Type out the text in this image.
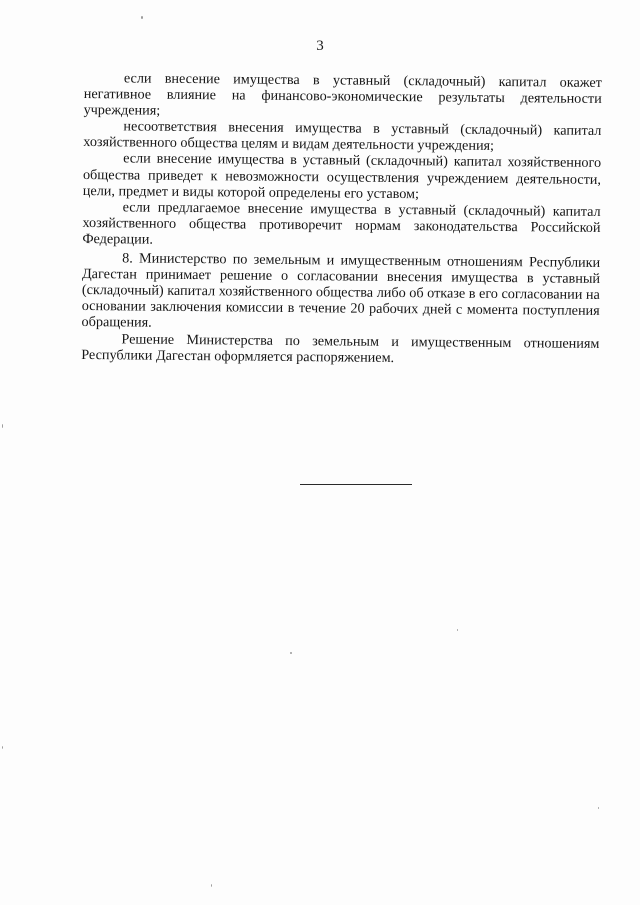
3

если внесение имущества в уставный (складочный) капитал окажет негативное влияние на финансово-экономические результаты деятельности учреждения;

несоответствия внесения имущества в уставный (складочный) капитал хозяйственного общества целям и видам деятельности учреждения;

если внесение имущества в уставный (складочный) капитал хозяйственного общества приведет к невозможности осуществления учреждением деятельности, цели, предмет и виды которой определены его уставом;

если предлагаемое внесение имущества в уставный (складочный) капитал хозяйственного общества противоречит нормам законодательства Российской Федерации.

8. Министерство по земельным и имущественным отношениям Республики Дагестан принимает решение о согласовании внесения имущества в уставный (складочный) капитал хозяйственного общества либо об отказе в его согласовании на основании заключения комиссии в течение 20 рабочих дней с момента поступления обращения.

Решение Министерства по земельным и имущественным отношениям Республики Дагестан оформляется распоряжением.
